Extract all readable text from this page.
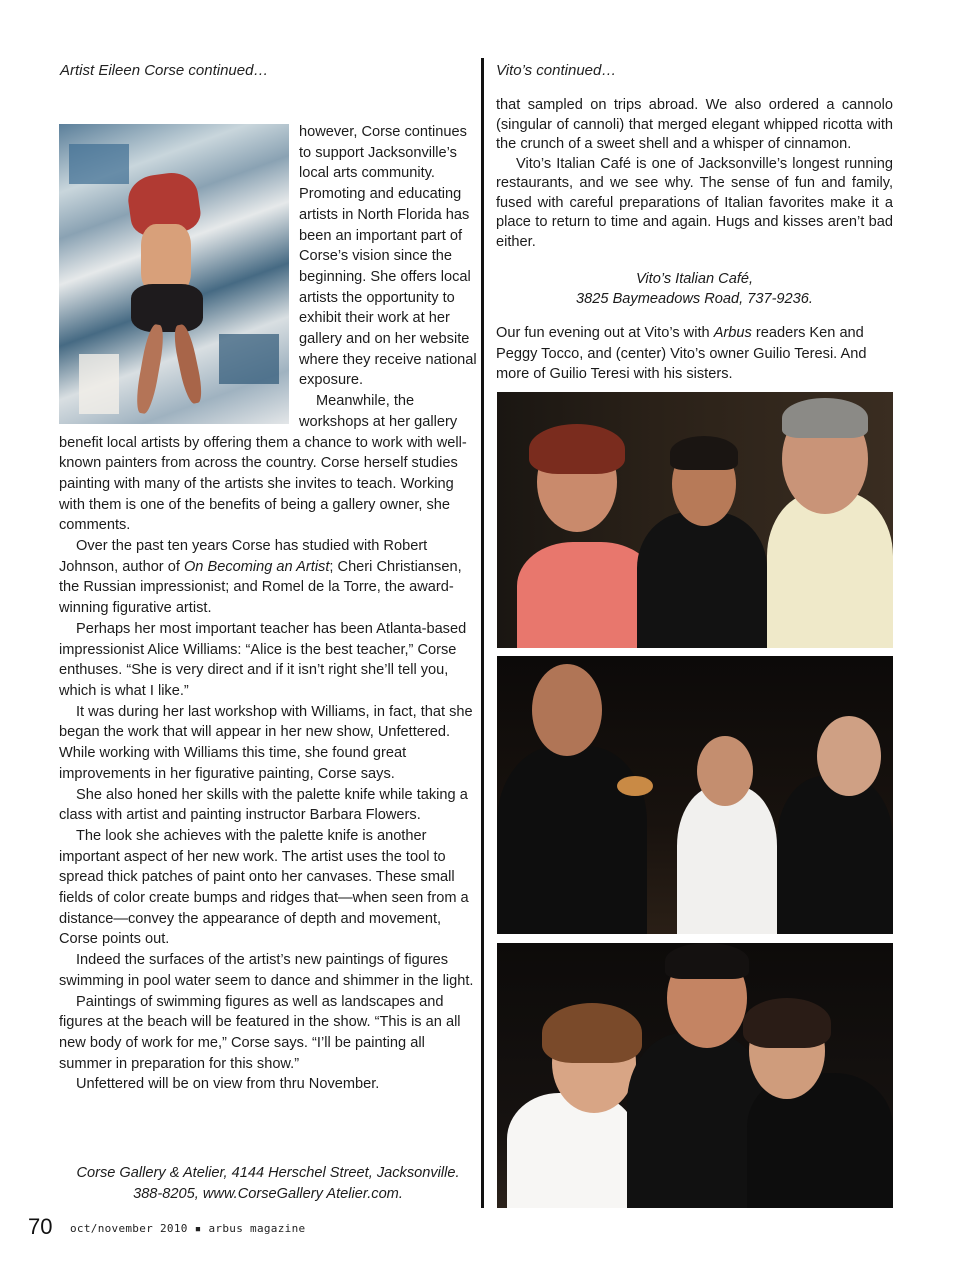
Artist Eileen Corse continued…	Vito’s continued…

however, Corse continues to support Jacksonville’s local arts community. Promoting and educating artists in North Florida has been an important part of Corse’s vision since the beginning. She offers local artists the opportunity to exhibit their work at her gallery and on her website where they receive national exposure.

Meanwhile, the workshops at her gallery benefit local artists by offering them a chance to work with well-known painters from across the country. Corse herself studies painting with many of the artists she invites to teach. Working with them is one of the benefits of being a gallery owner, she comments.

Over the past ten years Corse has studied with Robert Johnson, author of On Becoming an Artist; Cheri Christiansen, the Russian impressionist; and Romel de la Torre, the award-winning figurative artist.

Perhaps her most important teacher has been Atlanta-based impressionist Alice Williams: “Alice is the best teacher,” Corse enthuses. “She is very direct and if it isn’t right she’ll tell you, which is what I like.”

It was during her last workshop with Williams, in fact, that she began the work that will appear in her new show, Unfettered. While working with Williams this time, she found great improvements in her figurative painting, Corse says.

She also honed her skills with the palette knife while taking a class with artist and painting instructor Barbara Flowers.

The look she achieves with the palette knife is another important aspect of her new work. The artist uses the tool to spread thick patches of paint onto her canvases. These small fields of color create bumps and ridges that—when seen from a distance—convey the appearance of depth and movement, Corse points out.

Indeed the surfaces of the artist’s new paintings of figures swimming in pool water seem to dance and shimmer in the light.

Paintings of swimming figures as well as landscapes and figures at the beach will be featured in the show. “This is an all new body of work for me,” Corse says. “I’ll be painting all summer in preparation for this show.”

Unfettered will be on view from thru November.

Corse Gallery & Atelier, 4144 Herschel Street, Jacksonville.
388-8205, www.CorseGallery Atelier.com.

that sampled on trips abroad. We also ordered a cannolo (singular of cannoli) that merged elegant whipped ricotta with the crunch of a sweet shell and a whisper of cinnamon.

Vito’s Italian Café is one of Jacksonville’s longest running restaurants, and we see why. The sense of fun and family, fused with careful preparations of Italian favorites make it a place to return to time and again. Hugs and kisses aren’t bad either.

Vito’s Italian Café,
3825 Baymeadows Road, 737-9236.
Our fun evening out at Vito’s with Arbus readers Ken and Peggy Tocco, and (center) Vito’s owner Guilio Teresi. And more of Guilio Teresi with his sisters.
70 oct/november 2010 ▪ arbus magazine
